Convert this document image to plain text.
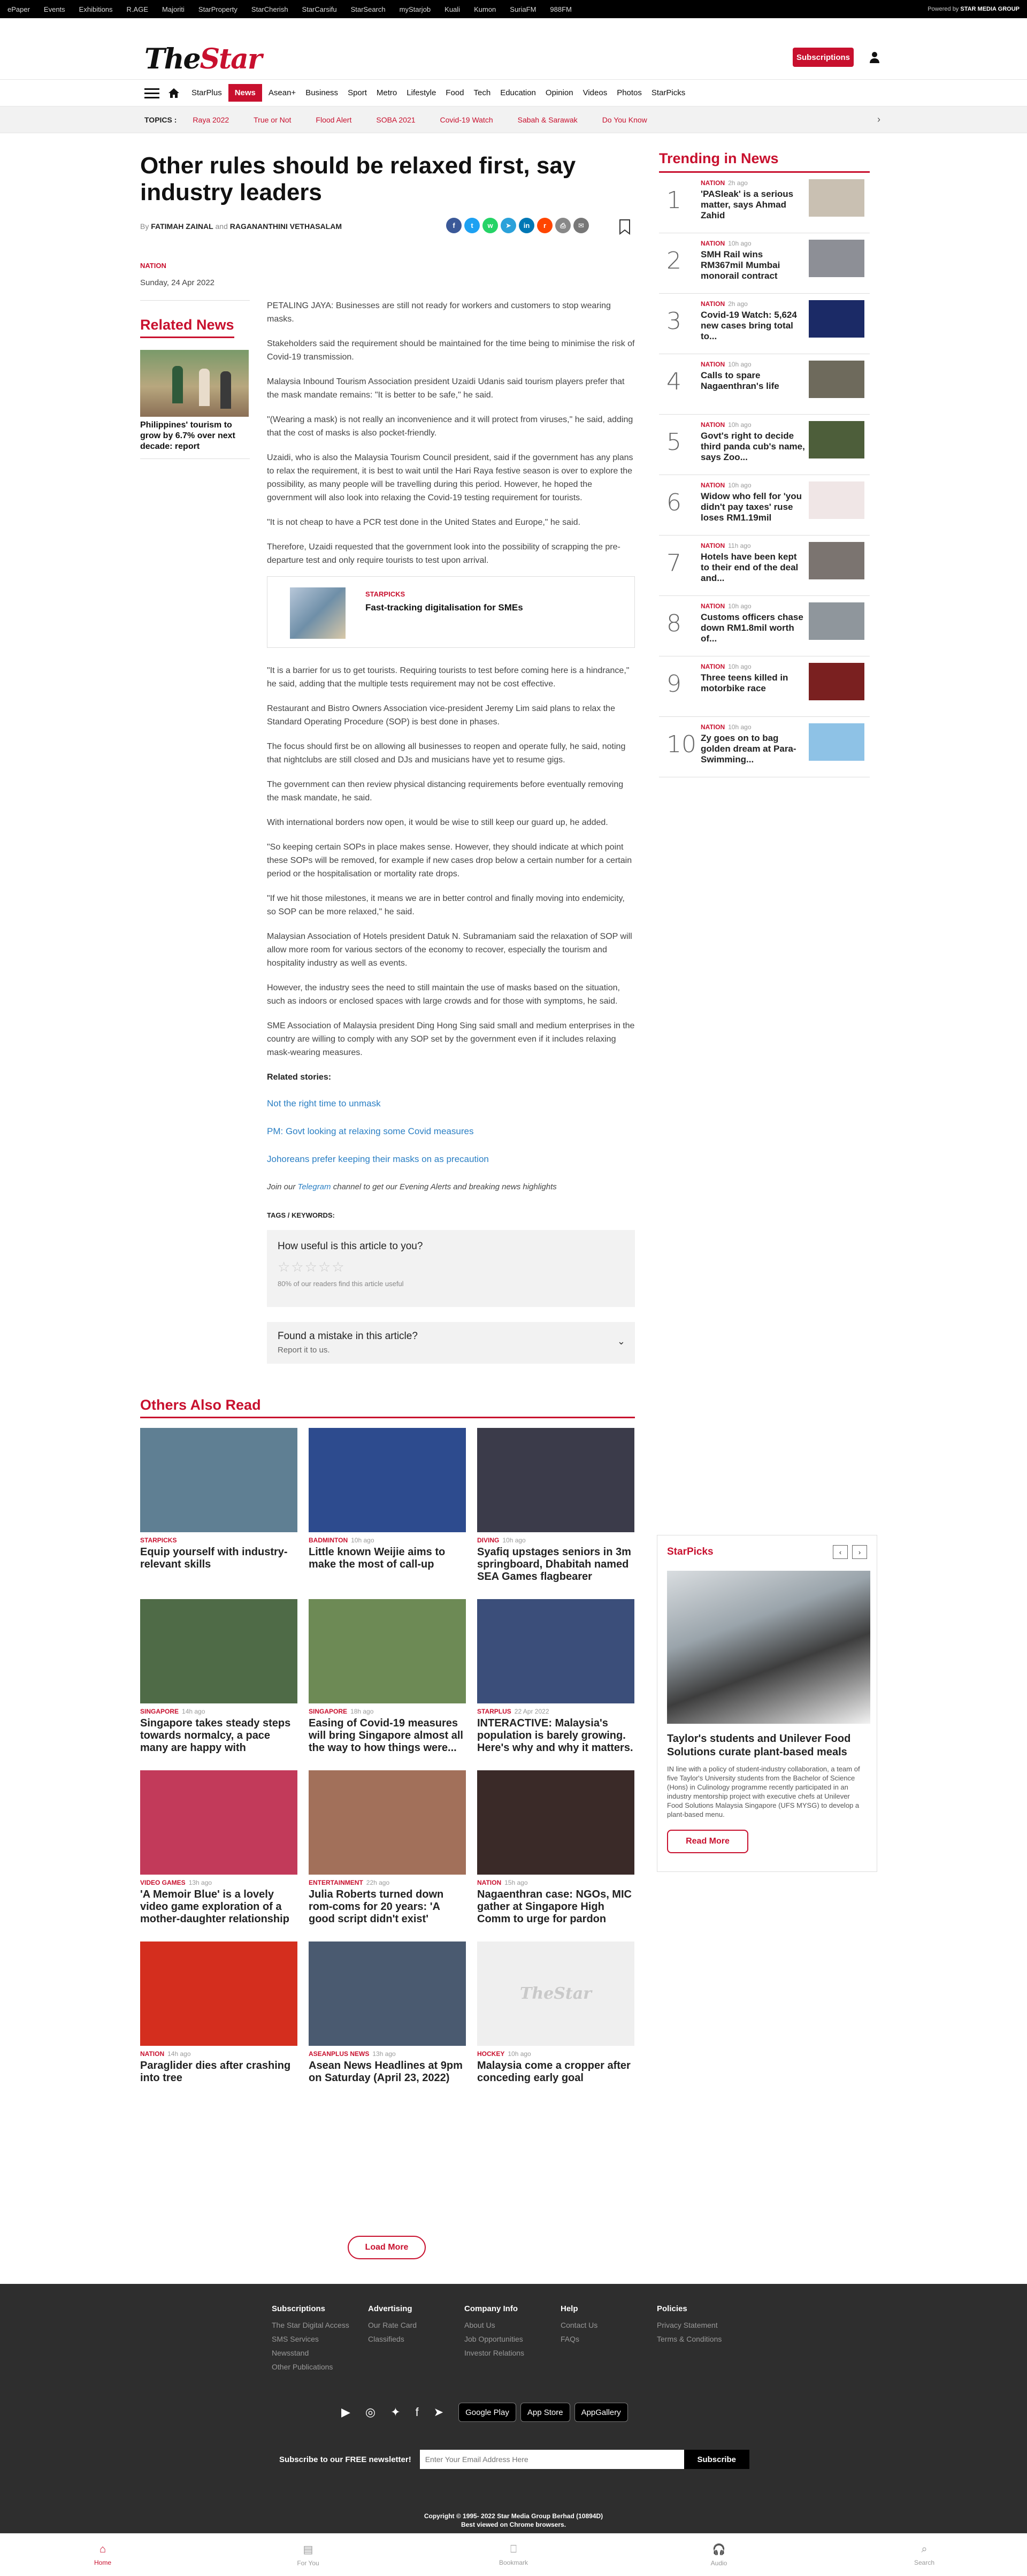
ePaper Events Exhibitions R.AGE Majoriti StarProperty StarCherish StarCarsifu StarSearch myStarjob Kuali Kumon SuriaFM 988FM	Powered by STAR MEDIA GROUP
TheStar	Subscriptions
StarPlus	News	Asean+ Business Sport Metro Lifestyle Food Tech Education Opinion Videos Photos StarPicks
TOPICS : Raya 2022	True or Not	Flood Alert	SOBA 2021	Covid-19 Watch	Sabah & Sarawak	Do You Know	›
Other rules should be relaxed first, say industry leaders
By FATIMAH ZAINAL and RAGANANTHINI VETHASALAM	f	t	w	➤	in	r	⎙	✉
NATION
Sunday, 24 Apr 2022
Related News
Philippines' tourism to grow by 6.7% over next decade: report

PETALING JAYA: Businesses are still not ready for workers and customers to stop wearing masks.

Stakeholders said the requirement should be maintained for the time being to minimise the risk of Covid-19 transmission.

Malaysia Inbound Tourism Association president Uzaidi Udanis said tourism players prefer that the mask mandate remains: "It is better to be safe," he said.

"(Wearing a mask) is not really an inconvenience and it will protect from viruses," he said, adding that the cost of masks is also pocket-friendly.

Uzaidi, who is also the Malaysia Tourism Council president, said if the government has any plans to relax the requirement, it is best to wait until the Hari Raya festive season is over to explore the possibility, as many people will be travelling during this period. However, he hoped the government will also look into relaxing the Covid-19 testing requirement for tourists.

"It is not cheap to have a PCR test done in the United States and Europe," he said.

Therefore, Uzaidi requested that the government look into the possibility of scrapping the pre-departure test and only require tourists to test upon arrival.

STARPICKS
Fast-tracking digitalisation for SMEs

"It is a barrier for us to get tourists. Requiring tourists to test before coming here is a hindrance," he said, adding that the multiple tests requirement may not be cost effective.

Restaurant and Bistro Owners Association vice-president Jeremy Lim said plans to relax the Standard Operating Procedure (SOP) is best done in phases.

The focus should first be on allowing all businesses to reopen and operate fully, he said, noting that nightclubs are still closed and DJs and musicians have yet to resume gigs.

The government can then review physical distancing requirements before eventually removing the mask mandate, he said.

With international borders now open, it would be wise to still keep our guard up, he added.

"So keeping certain SOPs in place makes sense. However, they should indicate at which point these SOPs will be removed, for example if new cases drop below a certain number for a certain period or the hospitalisation or mortality rate drops.

"If we hit those milestones, it means we are in better control and finally moving into endemicity, so SOP can be more relaxed," he said.

Malaysian Association of Hotels president Datuk N. Subramaniam said the relaxation of SOP will allow more room for various sectors of the economy to recover, especially the tourism and hospitality industry as well as events.

However, the industry sees the need to still maintain the use of masks based on the situation, such as indoors or enclosed spaces with large crowds and for those with symptoms, he said.

SME Association of Malaysia president Ding Hong Sing said small and medium enterprises in the country are willing to comply with any SOP set by the government even if it includes relaxing mask-wearing measures.

Related stories:
Not the right time to unmask
PM: Govt looking at relaxing some Covid measures
Johoreans prefer keeping their masks on as precaution
Join our Telegram channel to get our Evening Alerts and breaking news highlights
TAGS / KEYWORDS:
How useful is this article to you?
☆☆☆☆☆
80% of our readers find this article useful
Found a mistake in this article?
Report it to us.
⌄
Trending in News
1
NATION 2h ago
'PASleak' is a serious matter, says Ahmad Zahid
2
NATION 10h ago
SMH Rail wins RM367mil Mumbai monorail contract
3
NATION 2h ago
Covid-19 Watch: 5,624 new cases bring total to...
4
NATION 10h ago
Calls to spare Nagaenthran's life
5
NATION 10h ago
Govt's right to decide third panda cub's name, says Zoo...
6
NATION 10h ago
Widow who fell for 'you didn't pay taxes' ruse loses RM1.19mil
7
NATION 11h ago
Hotels have been kept to their end of the deal and...
8
NATION 10h ago
Customs officers chase down RM1.8mil worth of...
9
NATION 10h ago
Three teens killed in motorbike race
10
NATION 10h ago
Zy goes on to bag golden dream at Para-Swimming...
Others Also Read
STARPICKS
Equip yourself with industry-relevant skills
BADMINTON 10h ago
Little known Weijie aims to make the most of call-up
DIVING 10h ago
Syafiq upstages seniors in 3m springboard, Dhabitah named SEA Games flagbearer
SINGAPORE 14h ago
Singapore takes steady steps towards normalcy, a pace many are happy with
SINGAPORE 18h ago
Easing of Covid-19 measures will bring Singapore almost all the way to how things were...
STARPLUS 22 Apr 2022
INTERACTIVE: Malaysia's population is barely growing. Here's why and why it matters.
VIDEO GAMES 13h ago
'A Memoir Blue' is a lovely video game exploration of a mother-daughter relationship
ENTERTAINMENT 22h ago
Julia Roberts turned down rom-coms for 20 years: 'A good script didn't exist'
NATION 15h ago
Nagaenthran case: NGOs, MIC gather at Singapore High Comm to urge for pardon
NATION 14h ago
Paraglider dies after crashing into tree
ASEANPLUS NEWS 13h ago
Asean News Headlines at 9pm on Saturday (April 23, 2022)
TheStar
HOCKEY 10h ago
Malaysia come a cropper after conceding early goal
Load More
StarPicks	‹	›
Taylor's students and Unilever Food Solutions curate plant-based meals
IN line with a policy of student-industry collaboration, a team of five Taylor's University students from the Bachelor of Science (Hons) in Culinology programme recently participated in an industry mentorship project with executive chefs at Unilever Food Solutions Malaysia Singapore (UFS MYSG) to develop a plant-based menu.
Read More
Subscriptions
The Star Digital Access
SMS Services
Newsstand
Other Publications
Advertising
Our Rate Card
Classifieds
Company Info
About Us
Job Opportunities
Investor Relations
Help
Contact Us
FAQs
Policies
Privacy Statement
Terms & Conditions
▶ ◎ ✦ f ➤	Google Play	App Store	AppGallery
Subscribe to our FREE newsletter!
Enter Your Email Address Here	Subscribe
Copyright © 1995- 2022 Star Media Group Berhad (10894D)
Best viewed on Chrome browsers.
⌂
Home
▤
For You
⎕
Bookmark
🎧
Audio
⌕
Search
